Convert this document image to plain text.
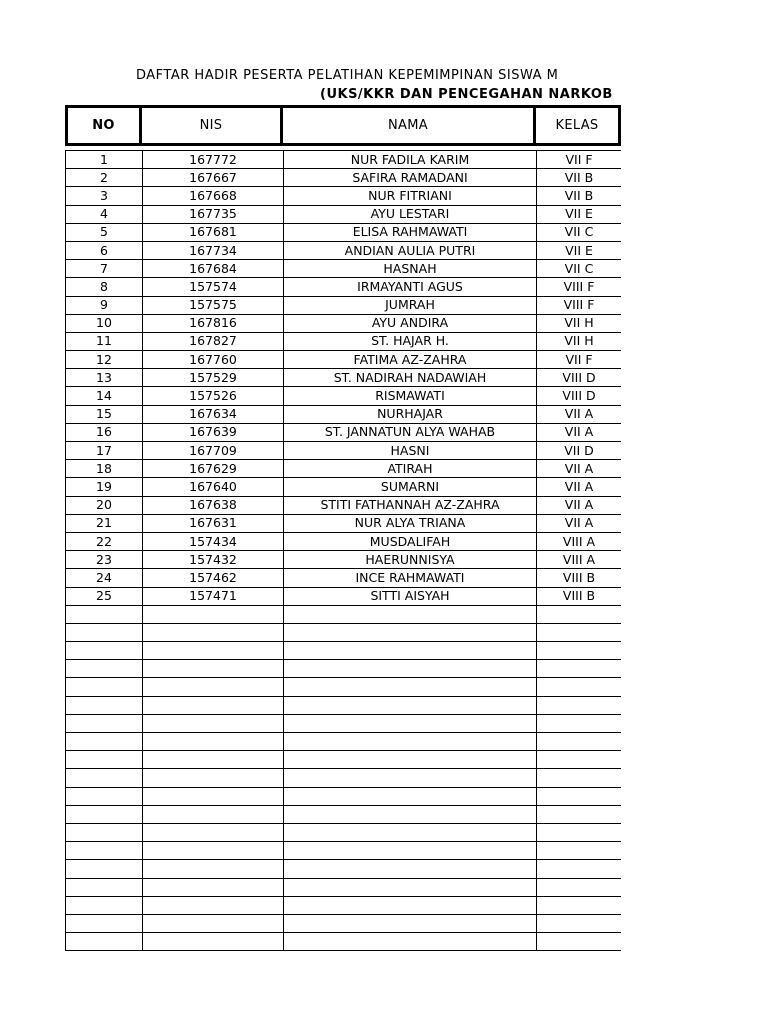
DAFTAR HADIR PESERTA PELATIHAN KEPEMIMPINAN SISWA M
(UKS/KKR DAN PENCEGAHAN NARKOB
NO	NIS	NAMA	KELAS
1	167772	NUR FADILA KARIM	VII F
2	167667	SAFIRA RAMADANI	VII B
3	167668	NUR FITRIANI	VII B
4	167735	AYU LESTARI	VII E
5	167681	ELISA RAHMAWATI	VII C
6	167734	ANDIAN AULIA PUTRI	VII E
7	167684	HASNAH	VII C
8	157574	IRMAYANTI AGUS	VIII F
9	157575	JUMRAH	VIII F
10	167816	AYU ANDIRA	VII H
11	167827	ST. HAJAR H.	VII H
12	167760	FATIMA AZ-ZAHRA	VII F
13	157529	ST. NADIRAH NADAWIAH	VIII D
14	157526	RISMAWATI	VIII D
15	167634	NURHAJAR	VII A
16	167639	ST. JANNATUN ALYA WAHAB	VII A
17	167709	HASNI	VII D
18	167629	ATIRAH	VII A
19	167640	SUMARNI	VII A
20	167638	STITI FATHANNAH AZ-ZAHRA	VII A
21	167631	NUR ALYA TRIANA	VII A
22	157434	MUSDALIFAH	VIII A
23	157432	HAERUNNISYA	VIII A
24	157462	INCE RAHMAWATI	VIII B
25	157471	SITTI AISYAH	VIII B
